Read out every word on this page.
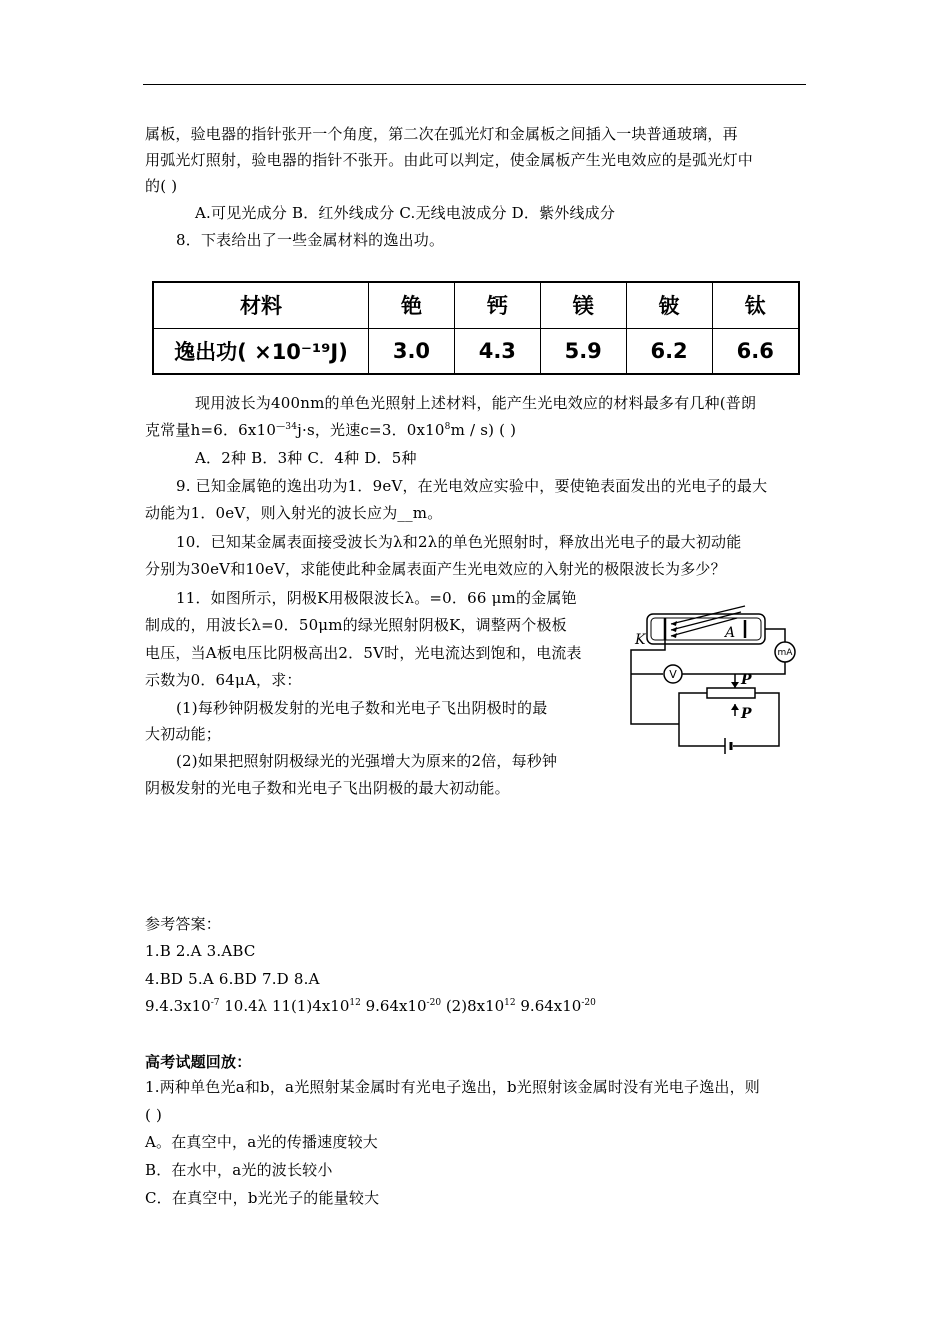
属板，验电器的指针张开一个角度，第二次在弧光灯和金属板之间插入一块普通玻璃，再
用弧光灯照射，验电器的指针不张开。由此可以判定，使金属板产生光电效应的是弧光灯中
的( )
A.可见光成分 B．红外线成分 C.无线电波成分 D．紫外线成分
8．下表给出了一些金属材料的逸出功。
材料	铯	钙	镁	铍	钛
逸出功( ×10⁻¹⁹J)	3.0	4.3	5.9	6.2	6.6
现用波长为400nm的单色光照射上述材料，能产生光电效应的材料最多有几种(普朗
克常量h=6．$6x10^{—34}j\cdot s$，光速c=3．$0x10^8m / s$) ( )
A．2种 B．3种 C．4种 D．5种
9. 已知金属铯的逸出功为1．9eV，在光电效应实验中，要使铯表面发出的光电子的最大
动能为1．0eV，则入射光的波长应为__m。
10．已知某金属表面接受波长为λ和2λ的单色光照射时，释放出光电子的最大初动能
分别为30eV和10eV，求能使此种金属表面产生光电效应的入射光的极限波长为多少？
11．如图所示，阴极K用极限波长λ。=0．66 μm的金属铯
制成的，用波长λ=0．50μm的绿光照射阴极K，调整两个极板
电压，当A板电压比阴极高出2．5V时，光电流达到饱和，电流表
示数为0．64μA，求：
(1)每秒钟阴极发射的光电子数和光电子飞出阴极时的最
大初动能；
(2)如果把照射阴极绿光的光强增大为原来的2倍，每秒钟
阴极发射的光电子数和光电子飞出阴极的最大初动能。
K	A
P
P
mA
V
参考答案：
1.B 2.A 3.ABC
4.BD 5.A 6.BD 7.D 8.A
$9.4.3x10^{-7}$ 10.4λ $11(1)4x10^{12}$ $9.64x10^{-20}$ $(2)8x10^{12}$ $9.64x10^{-20}$
高考试题回放：
1.两种单色光a和b，a光照射某金属时有光电子逸出，b光照射该金属时没有光电子逸出，则
( )
A。在真空中，a光的传播速度较大
B．在水中，a光的波长较小
C．在真空中，b光光子的能量较大
